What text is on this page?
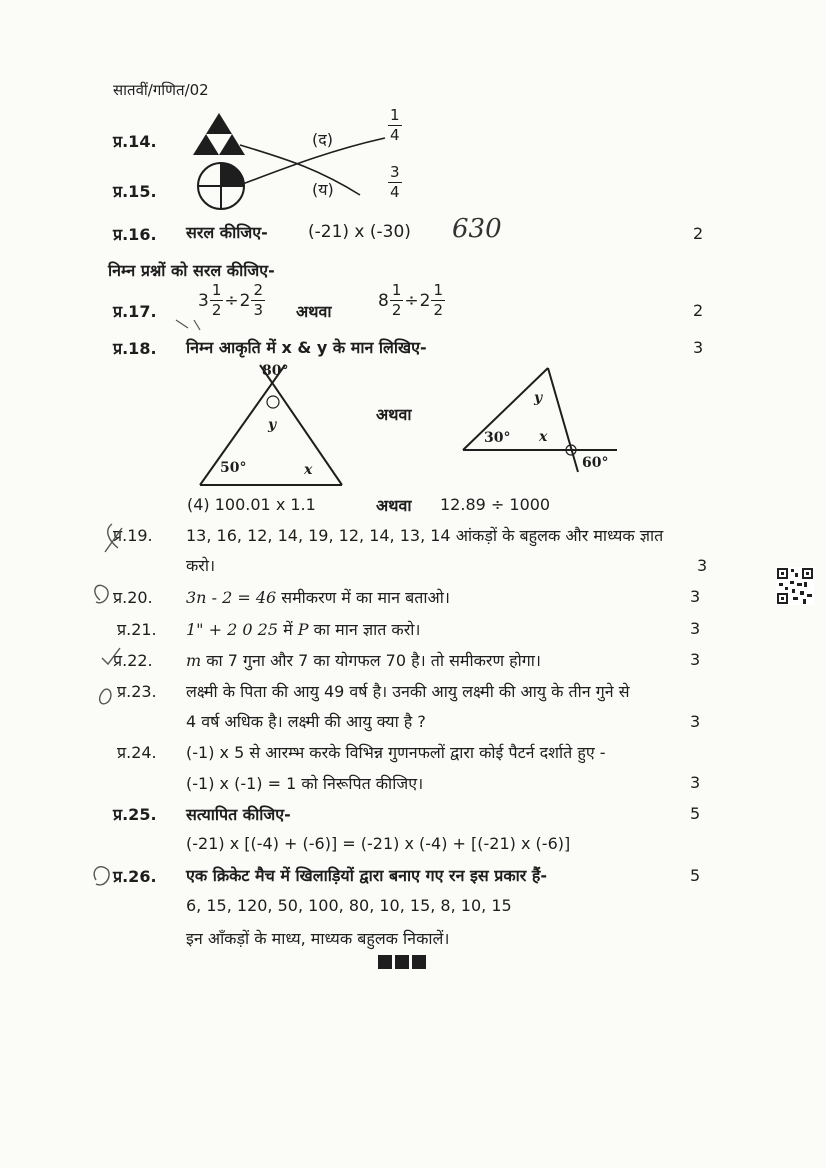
सातवीं/गणित/02
प्र.14.	(द)	$\frac{1}{4}$
प्र.15.	(य)	$\frac{3}{4}$
प्र.16. सरल कीजिए- (-21) x (-30) 630	2
निम्न प्रश्नों को सरल कीजिए-
प्र.17.
$3 \frac{1}{2} \div 2 \frac{2}{3}$ अथवा
$8 \frac{1}{2} \div 2 \frac{1}{2}$	2
प्र.18. निम्न आकृति में x & y के मान लिखिए-	3
80°
y
50°	x
अथवा
y
30° x
60°
(4) 100.01 x 1.1	अथवा 12.89 ÷ 1000
प्र.19. 13, 16, 12, 14, 19, 12, 14, 13, 14 आंकड़ों के बहुलक और माध्यक ज्ञात
करो।	3
प्र.20. 3n - 2 = 46 समीकरण में का मान बताओ।	3
प्र.21. 1" + 2 0 25 में P का मान ज्ञात करो।	3
प्र.22. m का 7 गुना और 7 का योगफल 70 है। तो समीकरण होगा।	3
प्र.23. लक्ष्मी के पिता की आयु 49 वर्ष है। उनकी आयु लक्ष्मी की आयु के तीन गुने से
4 वर्ष अधिक है। लक्ष्मी की आयु क्या है ?	3
प्र.24. (-1) x 5 से आरम्भ करके विभिन्न गुणनफलों द्वारा कोई पैटर्न दर्शाते हुए -
(-1) x (-1) = 1 को निरूपित कीजिए।	3
प्र.25. सत्यापित कीजिए-	5
(-21) x [(-4) + (-6)] = (-21) x (-4) + [(-21) x (-6)]
प्र.26. एक क्रिकेट मैच में खिलाड़ियों द्वारा बनाए गए रन इस प्रकार हैं-	5
6, 15, 120, 50, 100, 80, 10, 15, 8, 10, 15
इन आँकड़ों के माध्य, माध्यक बहुलक निकालें।
